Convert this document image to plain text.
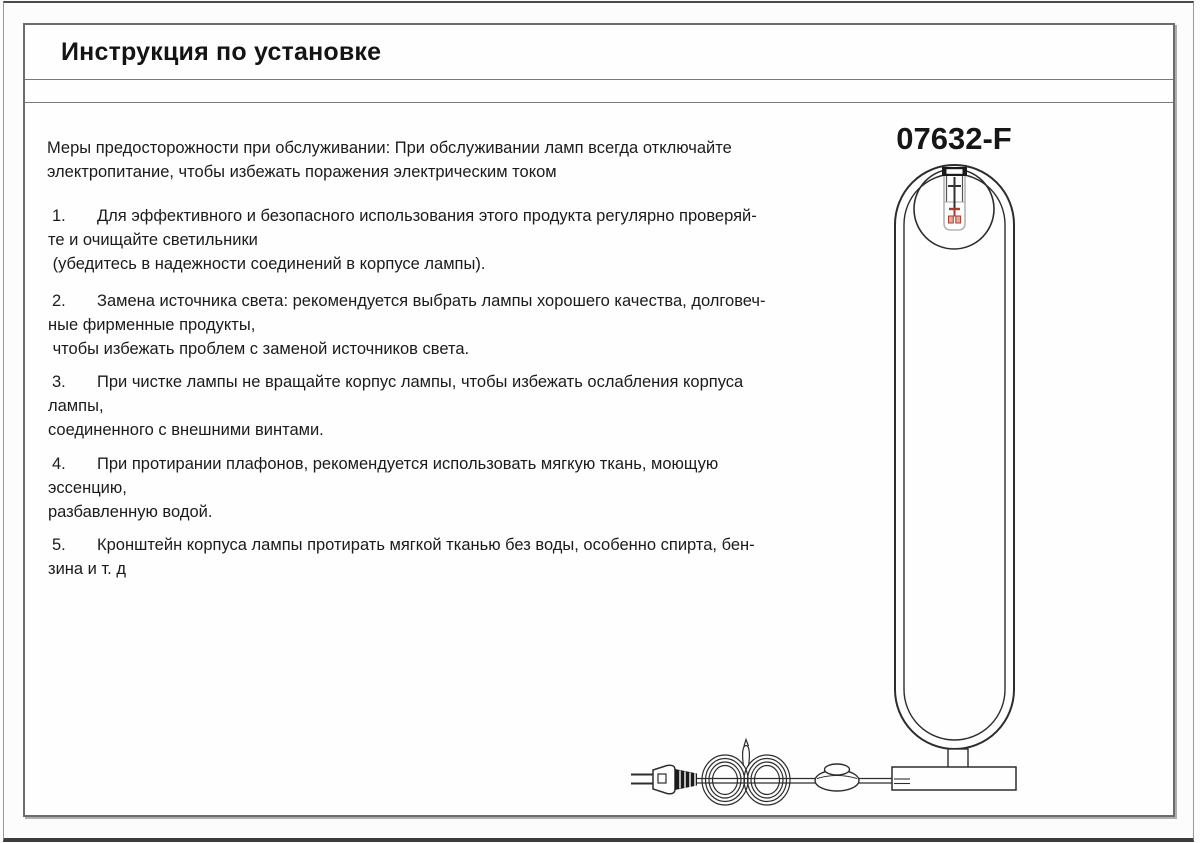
Инструкция по установке
Меры предосторожности при обслуживании: При обслуживании ламп всегда отключайте
электропитание, чтобы избежать поражения электрическим током
1. Для эффективного и безопасного использования этого продукта регулярно проверяй-
те и очищайте светильники
(убедитесь в надежности соединений в корпусе лампы).
2. Замена источника света: рекомендуется выбрать лампы хорошего качества, долговеч-
ные фирменные продукты,
чтобы избежать проблем с заменой источников света.
3. При чистке лампы не вращайте корпус лампы, чтобы избежать ослабления корпуса
лампы,
соединенного с внешними винтами.
4. При протирании плафонов, рекомендуется использовать мягкую ткань, моющую
эссенцию,
разбавленную водой.
5. Кронштейн корпуса лампы протирать мягкой тканью без воды, особенно спирта, бен-
зина и т. д
07632-F
